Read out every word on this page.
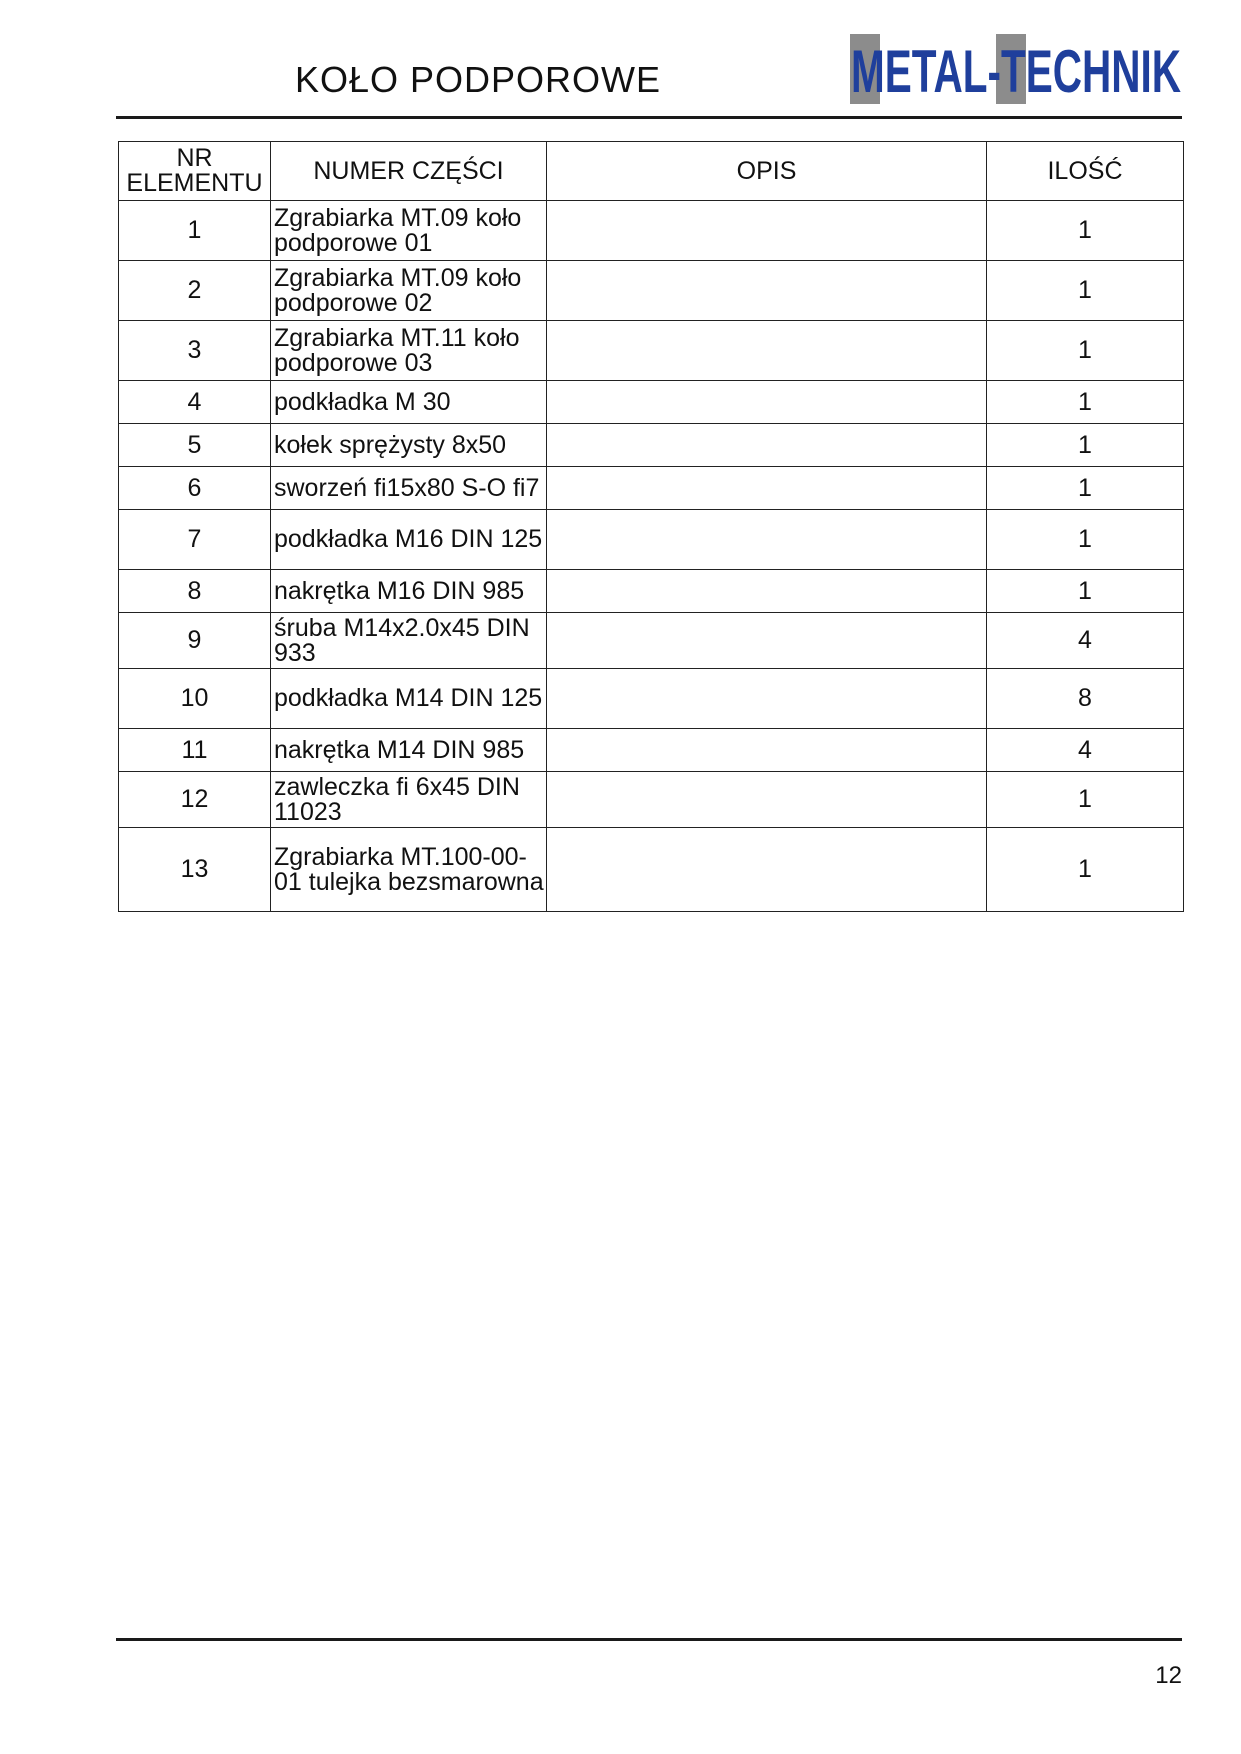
KOŁO PODPOROWE	METAL-TECHNIK
NR
ELEMENTU	NUMER CZĘŚCI	OPIS	ILOŚĆ
1	Zgrabiarka MT.09 koło podporowe 01		1
2	Zgrabiarka MT.09 koło podporowe 02		1
3	Zgrabiarka MT.11 koło podporowe 03		1
4	podkładka M 30		1
5	kołek sprężysty 8x50		1
6	sworzeń fi15x80 S-O fi7		1
7	podkładka M16 DIN 125		1
8	nakrętka M16 DIN 985		1
9	śruba M14x2.0x45 DIN 933		4
10	podkładka M14 DIN 125		8
11	nakrętka M14 DIN 985		4
12	zawleczka fi 6x45 DIN 11023		1
13	Zgrabiarka MT.100-00-01 tulejka bezsmarowna		1
12
